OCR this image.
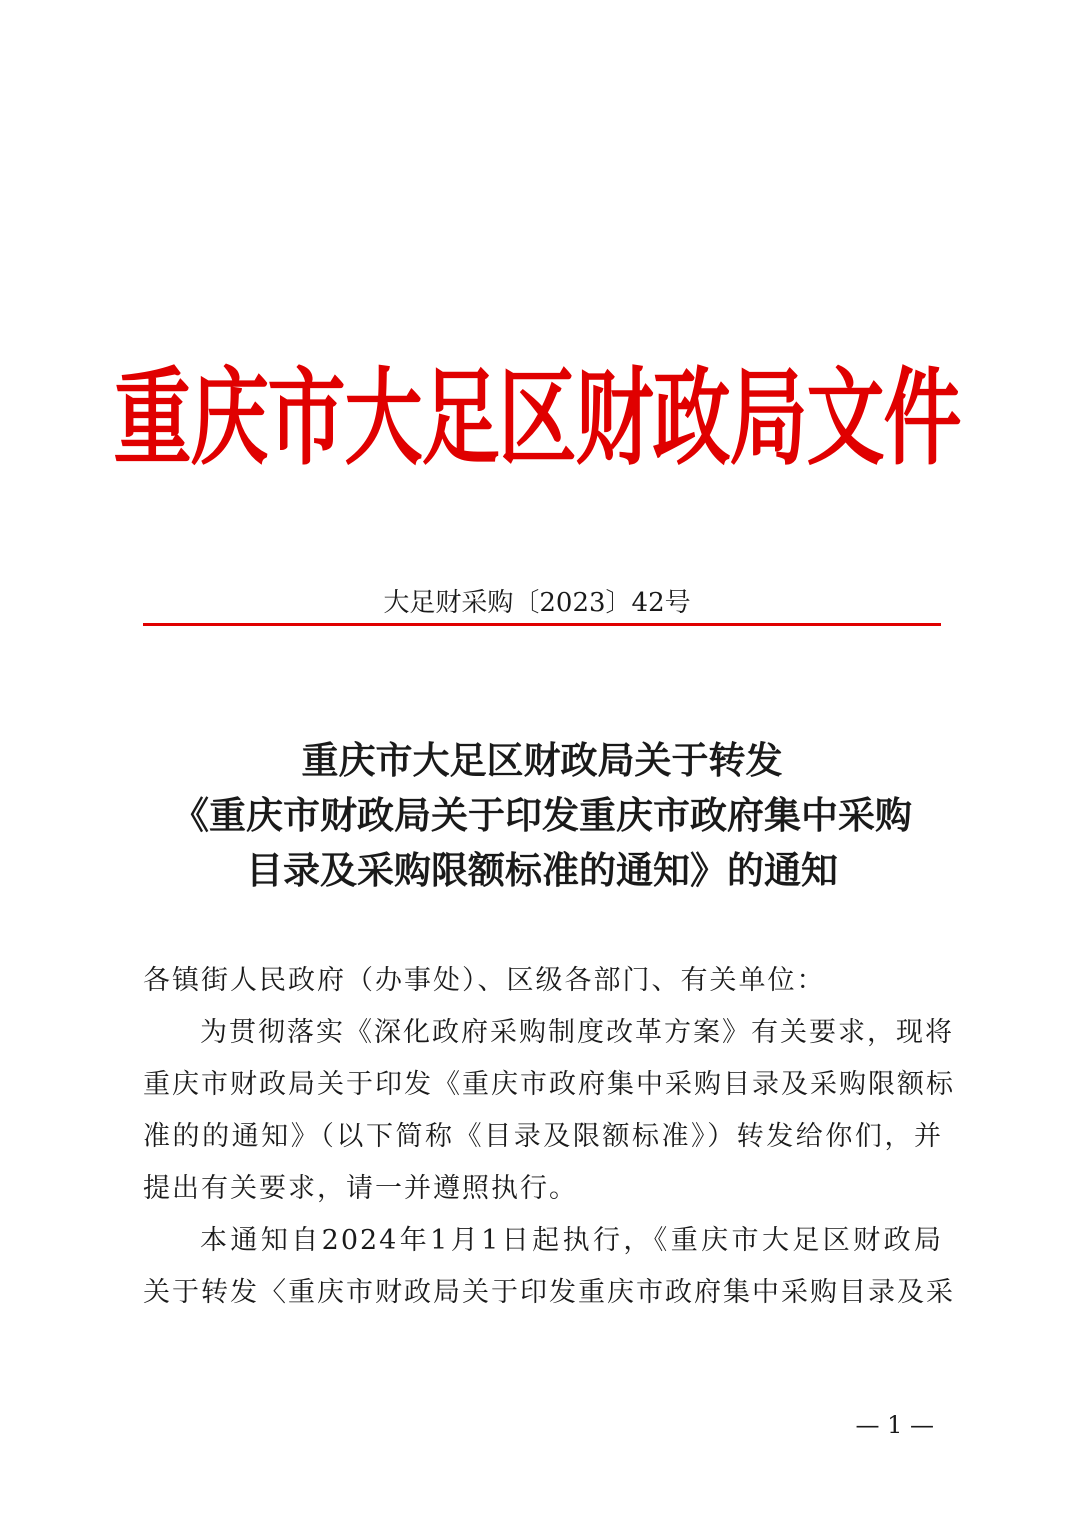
重庆市大足区财政局文件
大足财采购〔2023〕42号
重庆市大足区财政局关于转发
《重庆市财政局关于印发重庆市政府集中采购
目录及采购限额标准的通知》的通知
各镇街人民政府（办事处）、区级各部门、有关单位：
为贯彻落实《深化政府采购制度改革方案》有关要求，现将
重庆市财政局关于印发《重庆市政府集中采购目录及采购限额标
准的的通知》（以下简称《目录及限额标准》）转发给你们，并
提出有关要求，请一并遵照执行。
本通知自2024年1月1日起执行，《重庆市大足区财政局
关于转发〈重庆市财政局关于印发重庆市政府集中采购目录及采
— 1 —
